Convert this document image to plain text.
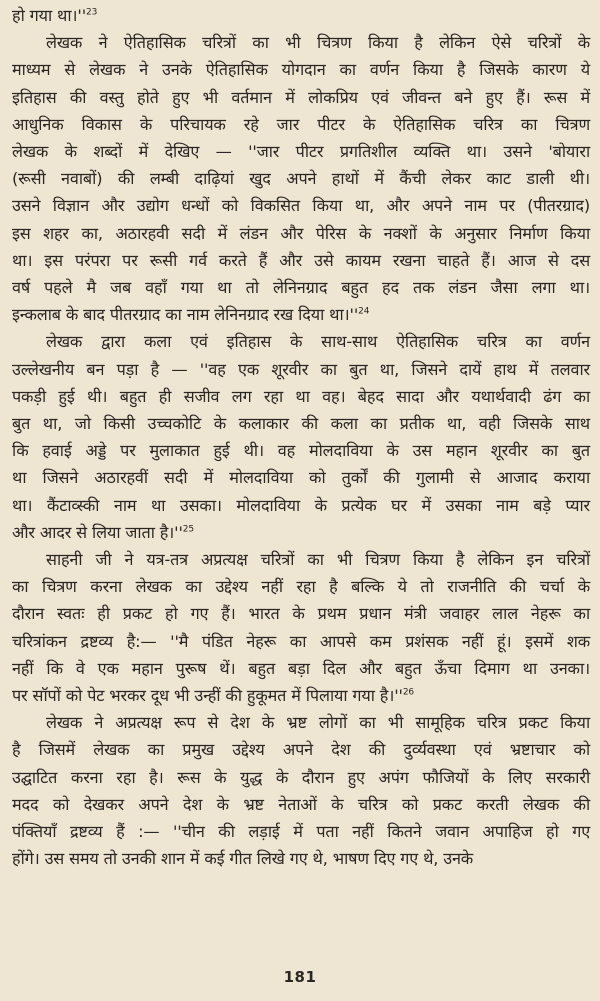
हो गया था।''$^{23}$

लेखक ने ऐतिहासिक चरित्रों का भी चित्रण किया है लेकिन ऐसे चरित्रों के
माध्यम से लेखक ने उनके ऐतिहासिक योगदान का वर्णन किया है जिसके कारण ये
इतिहास की वस्तु होते हुए भी वर्तमान में लोकप्रिय एवं जीवन्त बने हुए हैं। रूस में
आधुनिक विकास के परिचायक रहे जार पीटर के ऐतिहासिक चरित्र का चित्रण
लेखक के शब्दों में देखिए — ''जार पीटर प्रगतिशील व्यक्ति था। उसने 'बोयारा
(रूसी नवाबों) की लम्बी दाढ़ियां खुद अपने हाथों में कैंची लेकर काट डाली थी।
उसने विज्ञान और उद्योग धन्धों को विकसित किया था, और अपने नाम पर (पीतरग्राद)
इस शहर का, अठारहवी सदी में लंडन और पेरिस के नक्शों के अनुसार निर्माण किया
था। इस परंपरा पर रूसी गर्व करते हैं और उसे कायम रखना चाहते हैं। आज से दस
वर्ष पहले मै जब वहाँ गया था तो लेनिनग्राद बहुत हद तक लंडन जैसा लगा था।
इन्कलाब के बाद पीतरग्राद का नाम लेनिनग्राद रख दिया था।''$^{24}$

लेखक द्वारा कला एवं इतिहास के साथ-साथ ऐतिहासिक चरित्र का वर्णन
उल्लेखनीय बन पड़ा है — ''वह एक शूरवीर का बुत था, जिसने दायें हाथ में तलवार
पकड़ी हुई थी। बहुत ही सजीव लग रहा था वह। बेहद सादा और यथार्थवादी ढंग का
बुत था, जो किसी उच्चकोटि के कलाकार की कला का प्रतीक था, वही जिसके साथ
कि हवाई अड्डे पर मुलाकात हुई थी। वह मोलदाविया के उस महान शूरवीर का बुत
था जिसने अठारहवीं सदी में मोलदाविया को तुर्कों की गुलामी से आजाद कराया
था। कैंटाव्स्की नाम था उसका। मोलदाविया के प्रत्येक घर में उसका नाम बड़े प्यार
और आदर से लिया जाता है।''$^{25}$

साहनी जी ने यत्र-तत्र अप्रत्यक्ष चरित्रों का भी चित्रण किया है लेकिन इन चरित्रों
का चित्रण करना लेखक का उद्देश्य नहीं रहा है बल्कि ये तो राजनीति की चर्चा के
दौरान स्वतः ही प्रकट हो गए हैं। भारत के प्रथम प्रधान मंत्री जवाहर लाल नेहरू का
चरित्रांकन द्रष्टव्य है:— ''मै पंडित नेहरू का आपसे कम प्रशंसक नहीं हूं। इसमें शक
नहीं कि वे एक महान पुरूष थें। बहुत बड़ा दिल और बहुत ऊँचा दिमाग था उनका।
पर सॉपों को पेट भरकर दूध भी उन्हीं की हुकूमत में पिलाया गया है।''$^{26}$

लेखक ने अप्रत्यक्ष रूप से देश के भ्रष्ट लोगों का भी सामूहिक चरित्र प्रकट किया
है जिसमें लेखक का प्रमुख उद्देश्य अपने देश की दुर्व्यवस्था एवं भ्रष्टाचार को
उद्घाटित करना रहा है। रूस के युद्ध के दौरान हुए अपंग फौजियों के लिए सरकारी
मदद को देखकर अपने देश के भ्रष्ट नेताओं के चरित्र को प्रकट करती लेखक की
पंक्तियाँ द्रष्टव्य हैं :— ''चीन की लड़ाई में पता नहीं कितने जवान अपाहिज हो गए
होंगे। उस समय तो उनकी शान में कई गीत लिखे गए थे, भाषण दिए गए थे, उनके

181
